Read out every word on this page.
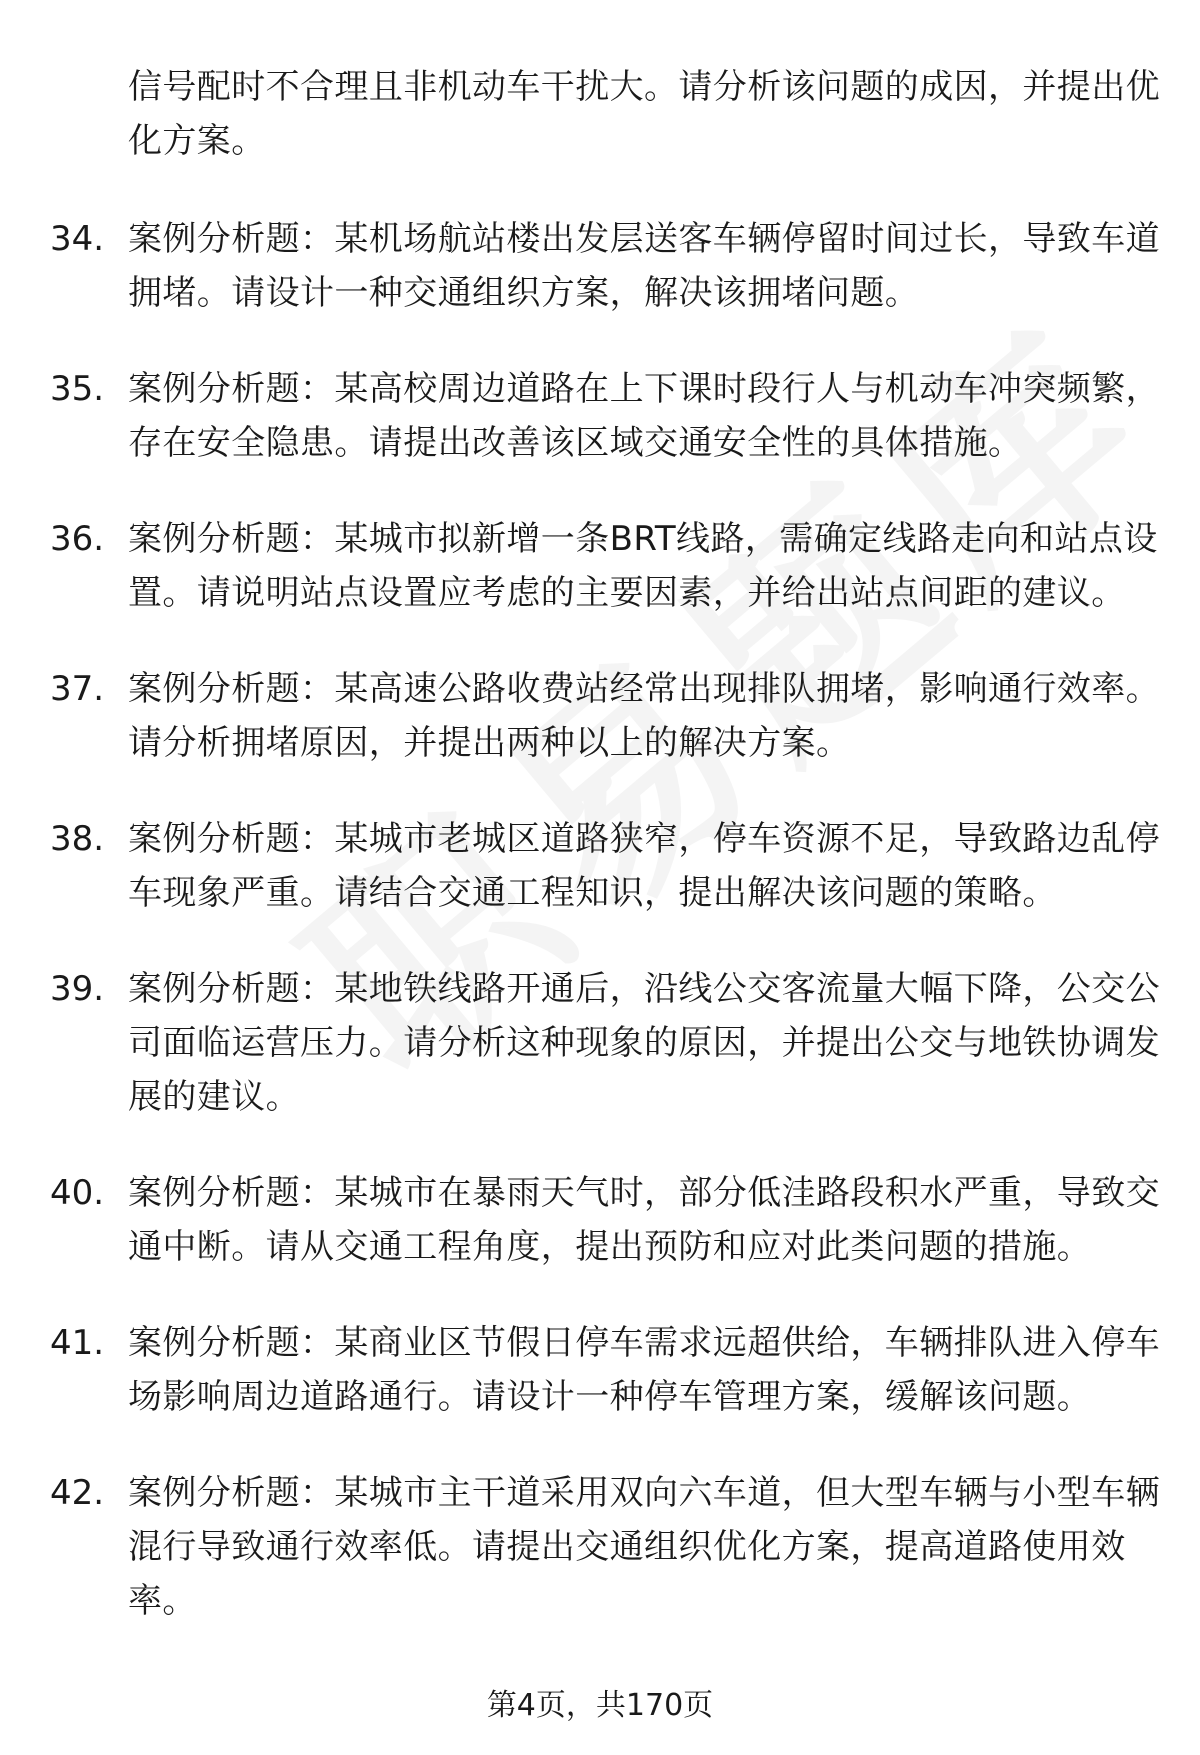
信号配时不合理且非机动车干扰大。请分析该问题的成因，并提出优化方案。
34. 案例分析题：某机场航站楼出发层送客车辆停留时间过长，导致车道拥堵。请设计一种交通组织方案，解决该拥堵问题。
35. 案例分析题：某高校周边道路在上下课时段行人与机动车冲突频繁，存在安全隐患。请提出改善该区域交通安全性的具体措施。
36. 案例分析题：某城市拟新增一条BRT线路，需确定线路走向和站点设置。请说明站点设置应考虑的主要因素，并给出站点间距的建议。
37. 案例分析题：某高速公路收费站经常出现排队拥堵，影响通行效率。请分析拥堵原因，并提出两种以上的解决方案。
38. 案例分析题：某城市老城区道路狭窄，停车资源不足，导致路边乱停车现象严重。请结合交通工程知识，提出解决该问题的策略。
39. 案例分析题：某地铁线路开通后，沿线公交客流量大幅下降，公交公司面临运营压力。请分析这种现象的原因，并提出公交与地铁协调发展的建议。
40. 案例分析题：某城市在暴雨天气时，部分低洼路段积水严重，导致交通中断。请从交通工程角度，提出预防和应对此类问题的措施。
41. 案例分析题：某商业区节假日停车需求远超供给，车辆排队进入停车场影响周边道路通行。请设计一种停车管理方案，缓解该问题。
42. 案例分析题：某城市主干道采用双向六车道，但大型车辆与小型车辆混行导致通行效率低。请提出交通组织优化方案，提高道路使用效率。
第4页，共170页
